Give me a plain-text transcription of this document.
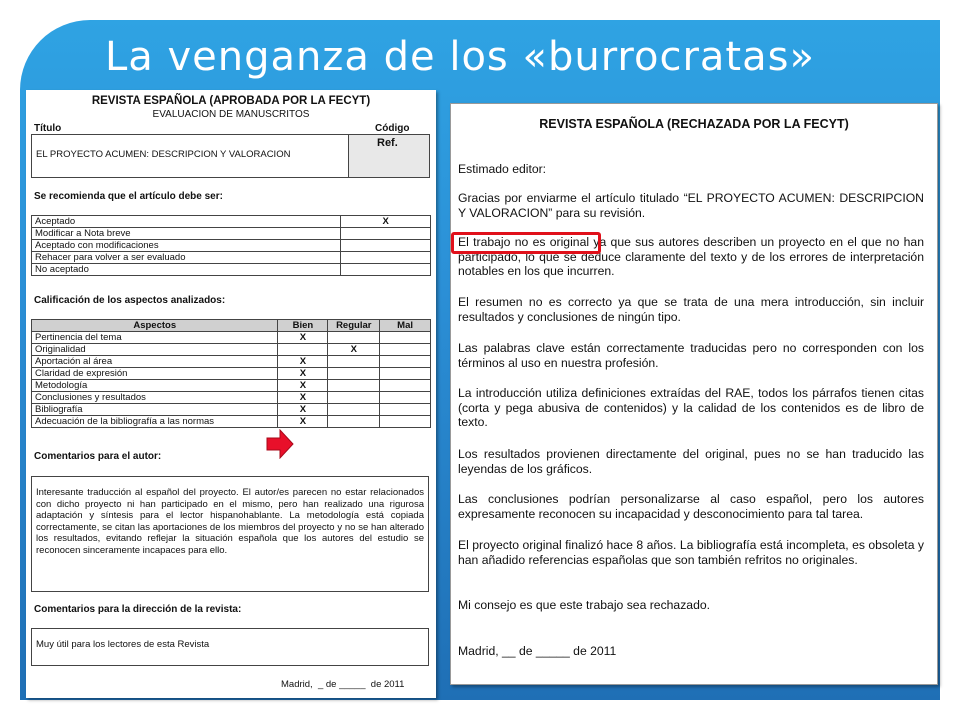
La venganza de los «burrocratas»
REVISTA ESPAÑOLA (APROBADA POR LA FECYT)
EVALUACION DE MANUSCRITOS
Título	Código
EL PROYECTO ACUMEN: DESCRIPCION Y VALORACION
Ref.
Se recomienda que el artículo debe ser:
Aceptado	X
Modificar a Nota breve	
Aceptado con modificaciones	
Rehacer para volver a ser evaluado	
No aceptado	
Calificación de los aspectos analizados:
Aspectos	Bien	Regular	Mal
Pertinencia del tema	X		
Originalidad		X	
Aportación al área	X		
Claridad de expresión	X		
Metodología	X		
Conclusiones y resultados	X		
Bibliografía	X		
Adecuación de la bibliografía a las normas	X		
Comentarios para el autor:
Interesante traducción al español del proyecto. El autor/es parecen no estar relacionados con dicho proyecto ni han participado en el mismo, pero han realizado una rigurosa adaptación y síntesis para el lector hispanohablante. La metodología está copiada correctamente, se citan las aportaciones de los miembros del proyecto y no se han alterado los resultados, evitando reflejar la situación española que los autores del estudio se reconocen sinceramente incapaces para ello.
Comentarios para la dirección de la revista:
Muy útil para los lectores de esta Revista
Madrid,  _ de _____  de 2011
REVISTA ESPAÑOLA (RECHAZADA POR LA FECYT)
Estimado editor:
Gracias por enviarme el artículo titulado “EL PROYECTO ACUMEN: DESCRIPCION Y VALORACION” para su revisión.
El trabajo no es original ya que sus autores describen un proyecto en el que no han participado, lo que se deduce claramente del texto y de los errores de interpretación notables en los que incurren.
El resumen no es correcto ya que se trata de una mera introducción, sin incluir resultados y conclusiones de ningún tipo.
Las palabras clave están correctamente traducidas pero no corresponden con los términos al uso en nuestra profesión.
La introducción utiliza definiciones extraídas del RAE, todos los párrafos tienen citas (corta y pega abusiva de contenidos) y la calidad de los contenidos es de libro de texto.
Los resultados provienen directamente del original, pues no se han traducido las leyendas de los gráficos.
Las conclusiones podrían personalizarse al caso español, pero los autores expresamente reconocen su incapacidad y desconocimiento para tal tarea.
El proyecto original finalizó hace 8 años. La bibliografía está incompleta, es obsoleta y han añadido referencias españolas que son también refritos no originales.
Mi consejo es que este trabajo sea rechazado.
Madrid, __ de _____ de 2011
